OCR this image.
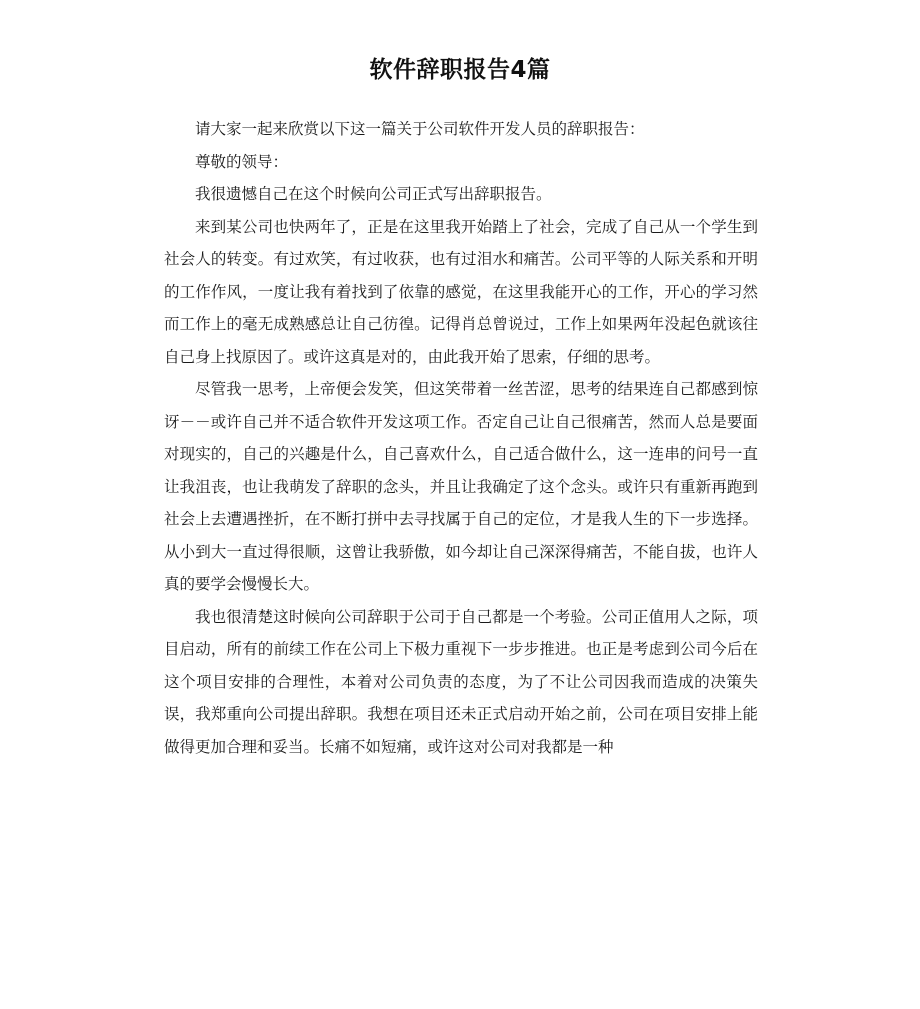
软件辞职报告4篇

请大家一起来欣赏以下这一篇关于公司软件开发人员的辞职报告：

尊敬的领导：

我很遗憾自己在这个时候向公司正式写出辞职报告。

来到某公司也快两年了，正是在这里我开始踏上了社会，完成了自己从一个学生到社会人的转变。有过欢笑，有过收获，也有过泪水和痛苦。公司平等的人际关系和开明的工作作风，一度让我有着找到了依靠的感觉，在这里我能开心的工作，开心的学习然而工作上的毫无成熟感总让自己彷徨。记得肖总曾说过，工作上如果两年没起色就该往自己身上找原因了。或许这真是对的，由此我开始了思索，仔细的思考。

尽管我一思考，上帝便会发笑，但这笑带着一丝苦涩，思考的结果连自己都感到惊讶－－或许自己并不适合软件开发这项工作。否定自己让自己很痛苦，然而人总是要面对现实的，自己的兴趣是什么，自己喜欢什么，自己适合做什么，这一连串的问号一直让我沮丧，也让我萌发了辞职的念头，并且让我确定了这个念头。或许只有重新再跑到社会上去遭遇挫折，在不断打拼中去寻找属于自己的定位，才是我人生的下一步选择。从小到大一直过得很顺，这曾让我骄傲，如今却让自己深深得痛苦，不能自拔，也许人真的要学会慢慢长大。

我也很清楚这时候向公司辞职于公司于自己都是一个考验。公司正值用人之际，项目启动，所有的前续工作在公司上下极力重视下一步步推进。也正是考虑到公司今后在这个项目安排的合理性，本着对公司负责的态度，为了不让公司因我而造成的决策失误，我郑重向公司提出辞职。我想在项目还未正式启动开始之前，公司在项目安排上能做得更加合理和妥当。长痛不如短痛，或许这对公司对我都是一种
